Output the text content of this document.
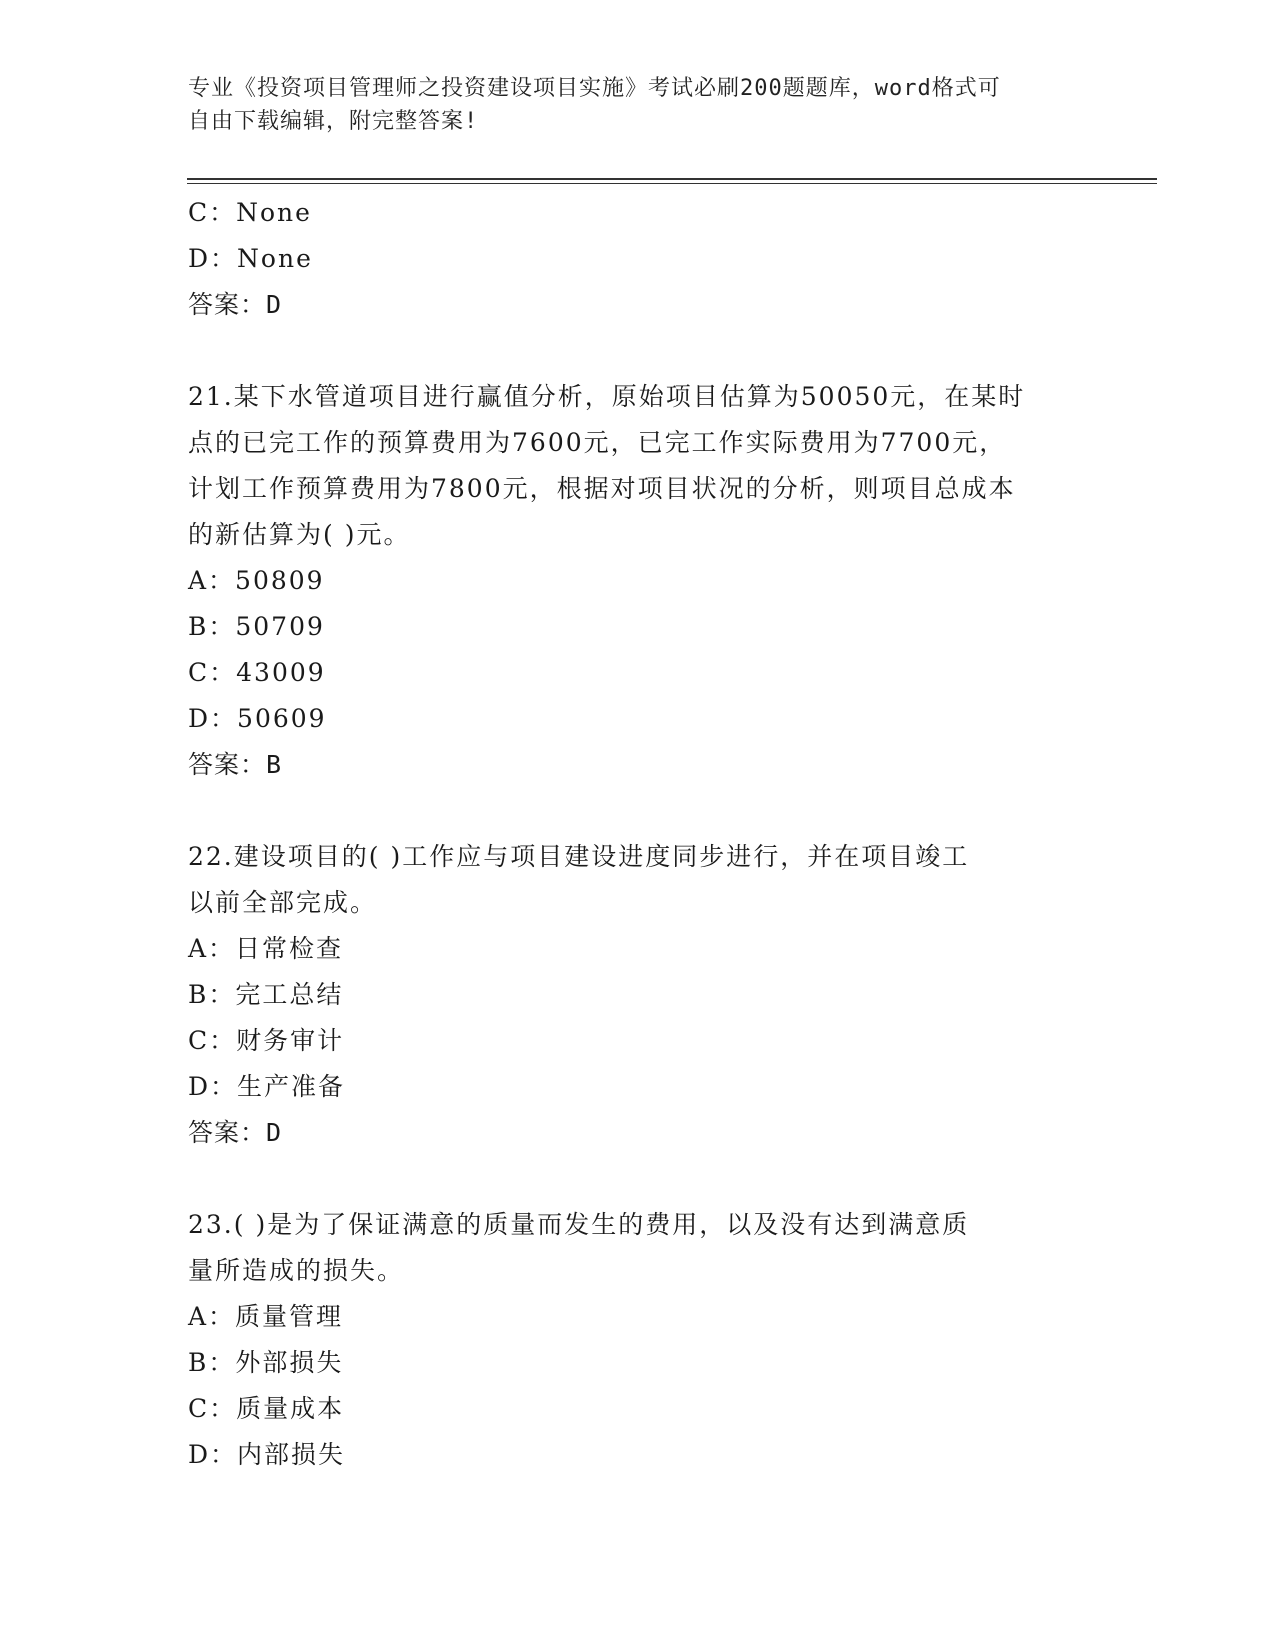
专业《投资项目管理师之投资建设项目实施》考试必刷200题题库，word格式可
自由下载编辑，附完整答案!
C：None
D：None
答案：D
21.某下水管道项目进行赢值分析，原始项目估算为50050元，在某时
点的已完工作的预算费用为7600元，已完工作实际费用为7700元，
计划工作预算费用为7800元，根据对项目状况的分析，则项目总成本
的新估算为( )元。
A：50809
B：50709
C：43009
D：50609
答案：B
22.建设项目的( )工作应与项目建设进度同步进行，并在项目竣工
以前全部完成。
A：日常检查
B：完工总结
C：财务审计
D：生产准备
答案：D
23.( )是为了保证满意的质量而发生的费用，以及没有达到满意质
量所造成的损失。
A：质量管理
B：外部损失
C：质量成本
D：内部损失
